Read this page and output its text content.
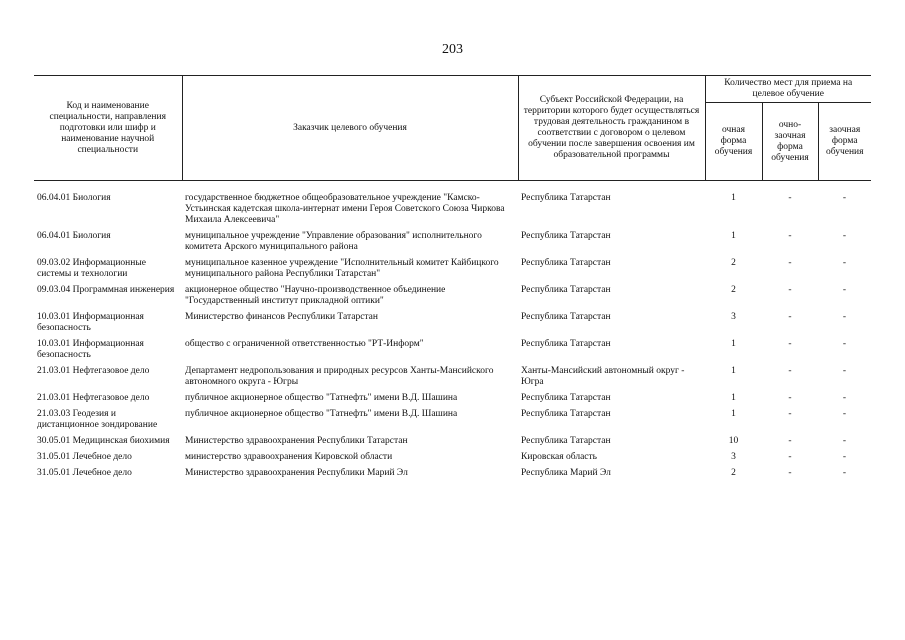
203
Код и наименование специальности, направления подготовки или шифр и наименование научной специальности	Заказчик целевого обучения	Субъект Российской Федерации, на территории которого будет осуществляться трудовая деятельность гражданином в соответствии с договором о целевом обучении после завершения освоения им образовательной программы	Количество мест для приема на целевое обучение		
			очная форма обучения	очно-заочная форма обучения	заочная форма обучения

06.04.01 Биология	государственное бюджетное общеобразовательное учреждение "Камско-Устьинская кадетская школа-интернат имени Героя Советского Союза Чиркова Михаила Алексеевича"	Республика Татарстан	1	-	-
06.04.01 Биология	муниципальное учреждение "Управление образования" исполнительного комитета Арского муниципального района	Республика Татарстан	1	-	-
09.03.02 Информационные системы и технологии	муниципальное казенное учреждение "Исполнительный комитет Кайбицкого муниципального района Республики Татарстан"	Республика Татарстан	2	-	-
09.03.04 Программная инженерия	акционерное общество "Научно-производственное объединение "Государственный институт прикладной оптики"	Республика Татарстан	2	-	-
10.03.01 Информационная безопасность	Министерство финансов Республики Татарстан	Республика Татарстан	3	-	-
10.03.01 Информационная безопасность	общество с ограниченной ответственностью "РТ-Информ"	Республика Татарстан	1	-	-
21.03.01 Нефтегазовое дело	Департамент недропользования и природных ресурсов Ханты-Мансийского автономного округа - Югры	Ханты-Мансийский автономный округ - Югра	1	-	-
21.03.01 Нефтегазовое дело	публичное акционерное общество "Татнефть" имени В.Д. Шашина	Республика Татарстан	1	-	-
21.03.03 Геодезия и дистанционное зондирование	публичное акционерное общество "Татнефть" имени В.Д. Шашина	Республика Татарстан	1	-	-
30.05.01 Медицинская биохимия	Министерство здравоохранения Республики Татарстан	Республика Татарстан	10	-	-
31.05.01 Лечебное дело	министерство здравоохранения Кировской области	Кировская область	3	-	-
31.05.01 Лечебное дело	Министерство здравоохранения Республики Марий Эл	Республика Марий Эл	2	-	-
